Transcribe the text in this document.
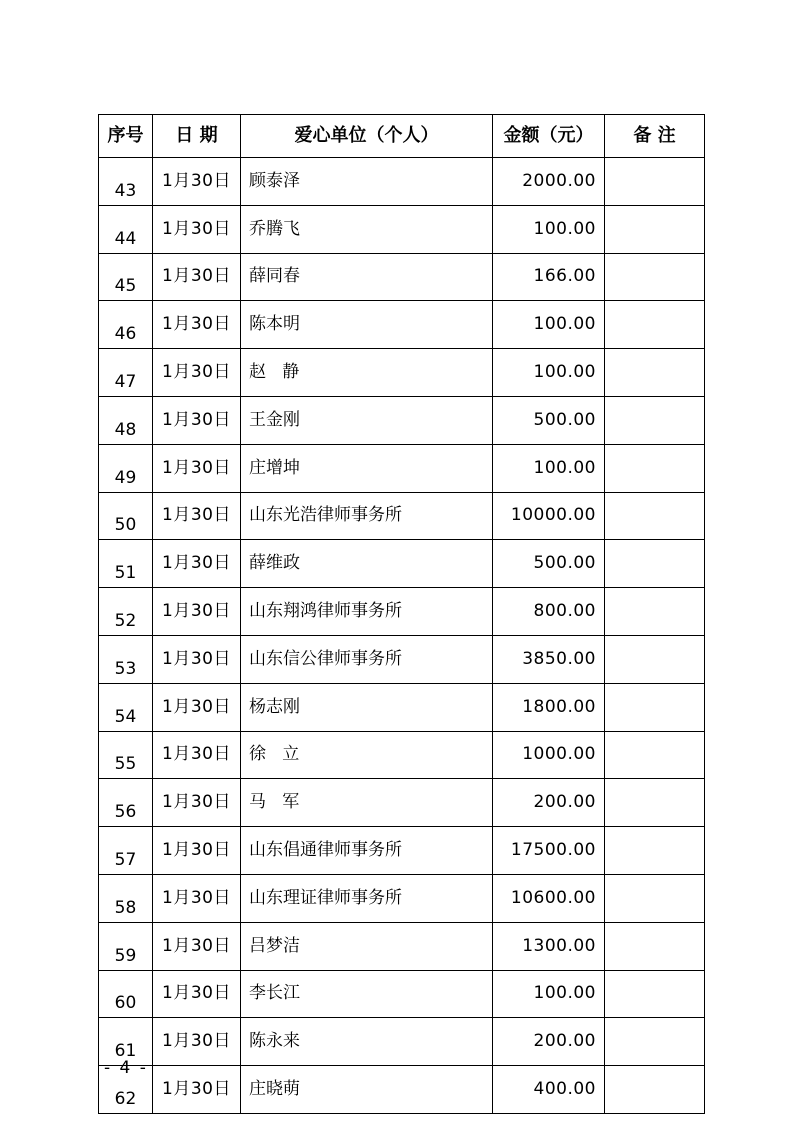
序号	日 期	爱心单位（个人）	金额（元）	备 注
43	1月30日	顾泰泽	2000.00	
44	1月30日	乔腾飞	100.00	
45	1月30日	薛同春	166.00	
46	1月30日	陈本明	100.00	
47	1月30日	赵   静	100.00	
48	1月30日	王金刚	500.00	
49	1月30日	庄增坤	100.00	
50	1月30日	山东光浩律师事务所	10000.00	
51	1月30日	薛维政	500.00	
52	1月30日	山东翔鸿律师事务所	800.00	
53	1月30日	山东信公律师事务所	3850.00	
54	1月30日	杨志刚	1800.00	
55	1月30日	徐   立	1000.00	
56	1月30日	马   军	200.00	
57	1月30日	山东倡通律师事务所	17500.00	
58	1月30日	山东理证律师事务所	10600.00	
59	1月30日	吕梦洁	1300.00	
60	1月30日	李长江	100.00	
61	1月30日	陈永来	200.00	
62	1月30日	庄晓萌	400.00	
- 4 -
